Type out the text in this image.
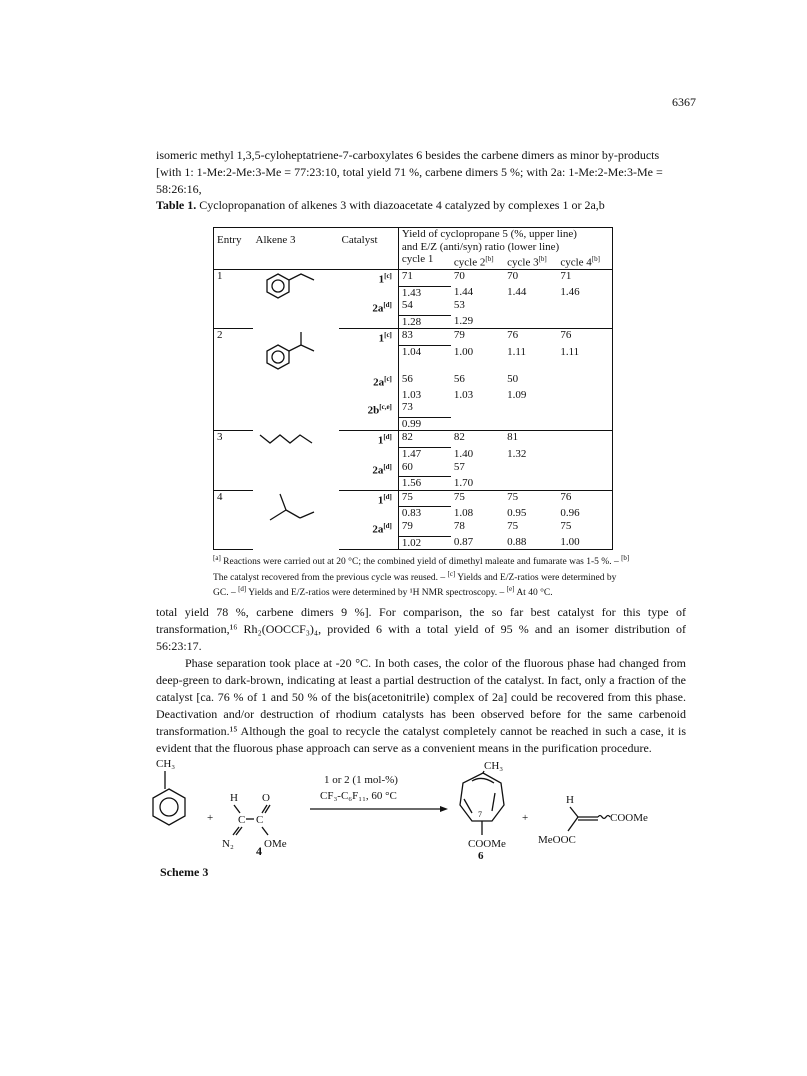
6367
isomeric methyl 1,3,5-cyloheptatriene-7-carboxylates 6 besides the carbene dimers as minor by-products [with 1: 1-Me:2-Me:3-Me = 77:23:10, total yield 71 %, carbene dimers 5 %; with 2a: 1-Me:2-Me:3-Me = 58:26:16,
Table 1. Cyclopropanation of alkenes 3 with diazoacetate 4 catalyzed by complexes 1 or 2a,b
Entry	Alkene 3	Catalyst	Yield of cyclopropane 5 (%, upper line)			
			and E/Z (anti/syn) ratio (lower line)			
			cycle 1	cycle 2[b]	cycle 3[b]	cycle 4[b]
1		1[c]	71	70	70	71
			1.43	1.44	1.44	1.46
		2a[d]	54	53		
			1.28	1.29		
2		1[c]	83	79	76	76
			1.04	1.00	1.11	1.11

		2a[c]	56	56	50	
			1.03	1.03	1.09	
		2b[c,e]	73			
			0.99			
3		1[d]	82	82	81	
			1.47	1.40	1.32	
		2a[d]	60	57		
			1.56	1.70		
4		1[d]	75	75	75	76
			0.83	1.08	0.95	0.96
		2a[d]	79	78	75	75
			1.02	0.87	0.88	1.00
[a] Reactions were carried out at 20 °C; the combined yield of dimethyl maleate and fumarate was 1-5 %. – [b] The catalyst recovered from the previous cycle was reused. – [c] Yields and E/Z-ratios were determined by GC. – [d] Yields and E/Z-ratios were determined by ¹H NMR spectroscopy. – [e] At 40 °C.
total yield 78 %, carbene dimers 9 %]. For comparison, the so far best catalyst for this type of transformation,¹⁶ Rh₂(OOCCF₃)₄, provided 6 with a total yield of 95 % and an isomer distribution of 56:23:17.
Phase separation took place at -20 °C. In both cases, the color of the fluorous phase had changed from deep-green to dark-brown, indicating at least a partial destruction of the catalyst. In fact, only a fraction of the catalyst [ca. 76 % of 1 and 50 % of the bis(acetonitrile) complex of 2a] could be recovered from this phase. Deactivation and/or destruction of rhodium catalysts has been observed before for the same carbenoid transformation.¹⁵ Although the goal to recycle the catalyst completely cannot be reached in such a case, it is evident that the fluorous phase approach can serve as a convenient means in the purification procedure.
CH₃
+
H O
C C
N₂	OMe
1 or 2 (1 mol-%)
CF₃-C₆F₁₁, 60 °C
CH₃
7
COOMe
6
+
H
COOMe
MeOOC
4
Scheme 3
